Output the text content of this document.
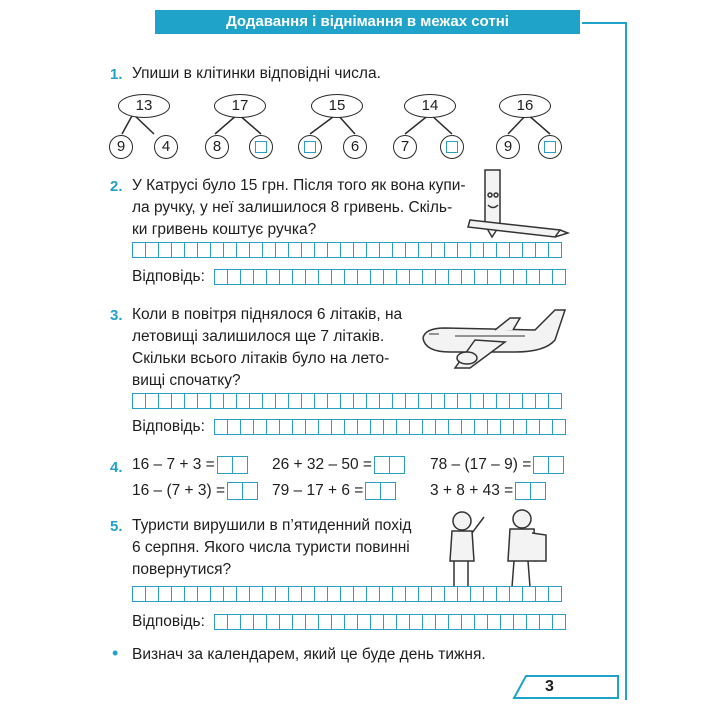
Додавання і віднімання в межах сотні
1. Упиши в клітинки відповідні числа.
13
9	4
17
8
15
6
14
7
16
9
2. У Катрусі було 15 грн. Після того як вона купи-
ла ручку, у неї залишилося 8 гривень. Скіль-
ки гривень коштує ручка?
Відповідь:
3. Коли в повітря піднялося 6 літаків, на
летовищі залишилося ще 7 літаків.
Скільки всього літаків було на лето-
вищі спочатку?
Відповідь:
4. 16 – 7 + 3 =	26 + 32 – 50 =	78 – (17 – 9) =
16 – (7 + 3) =	79 – 17 + 6 =	3 + 8 + 43 =
5. Туристи вирушили в п’ятиденний похід
6 серпня. Якого числа туристи повинні
повернутися?
Відповідь:
• Визнач за календарем, який це буде день тижня.
3
